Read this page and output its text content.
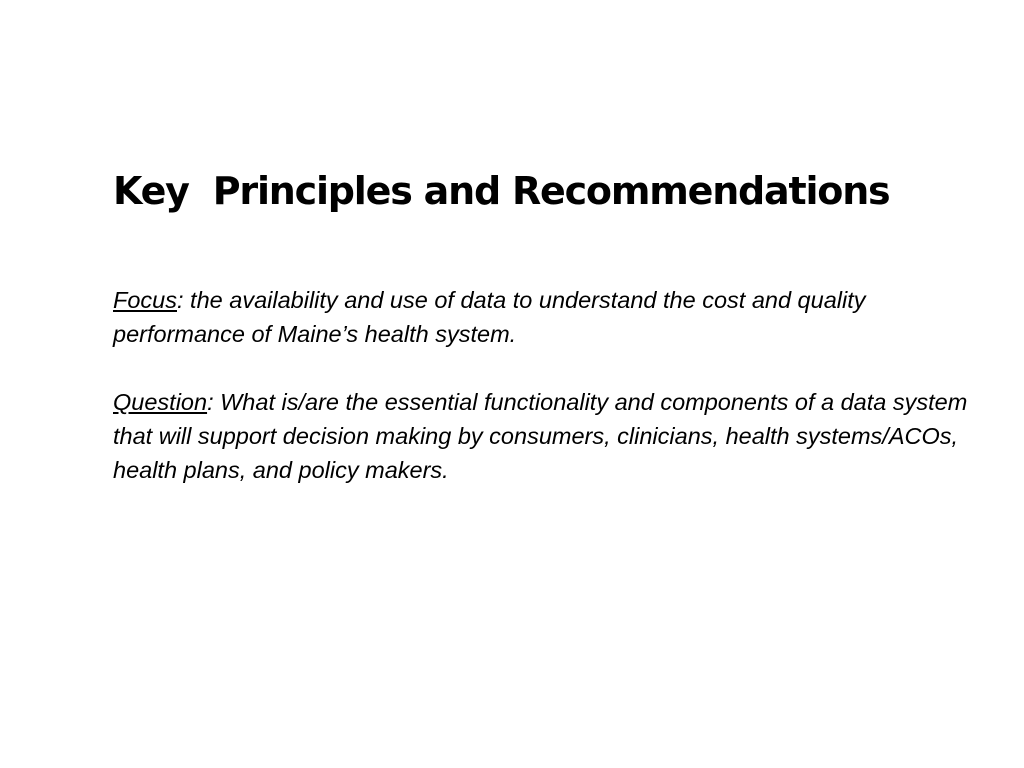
Key  Principles and Recommendations

Focus: the availability and use of data to understand the cost and quality performance of Maine’s health system.

Question: What is/are the essential functionality and components of a data system that will support decision making by consumers, clinicians, health systems/ACOs, health plans, and policy makers.
